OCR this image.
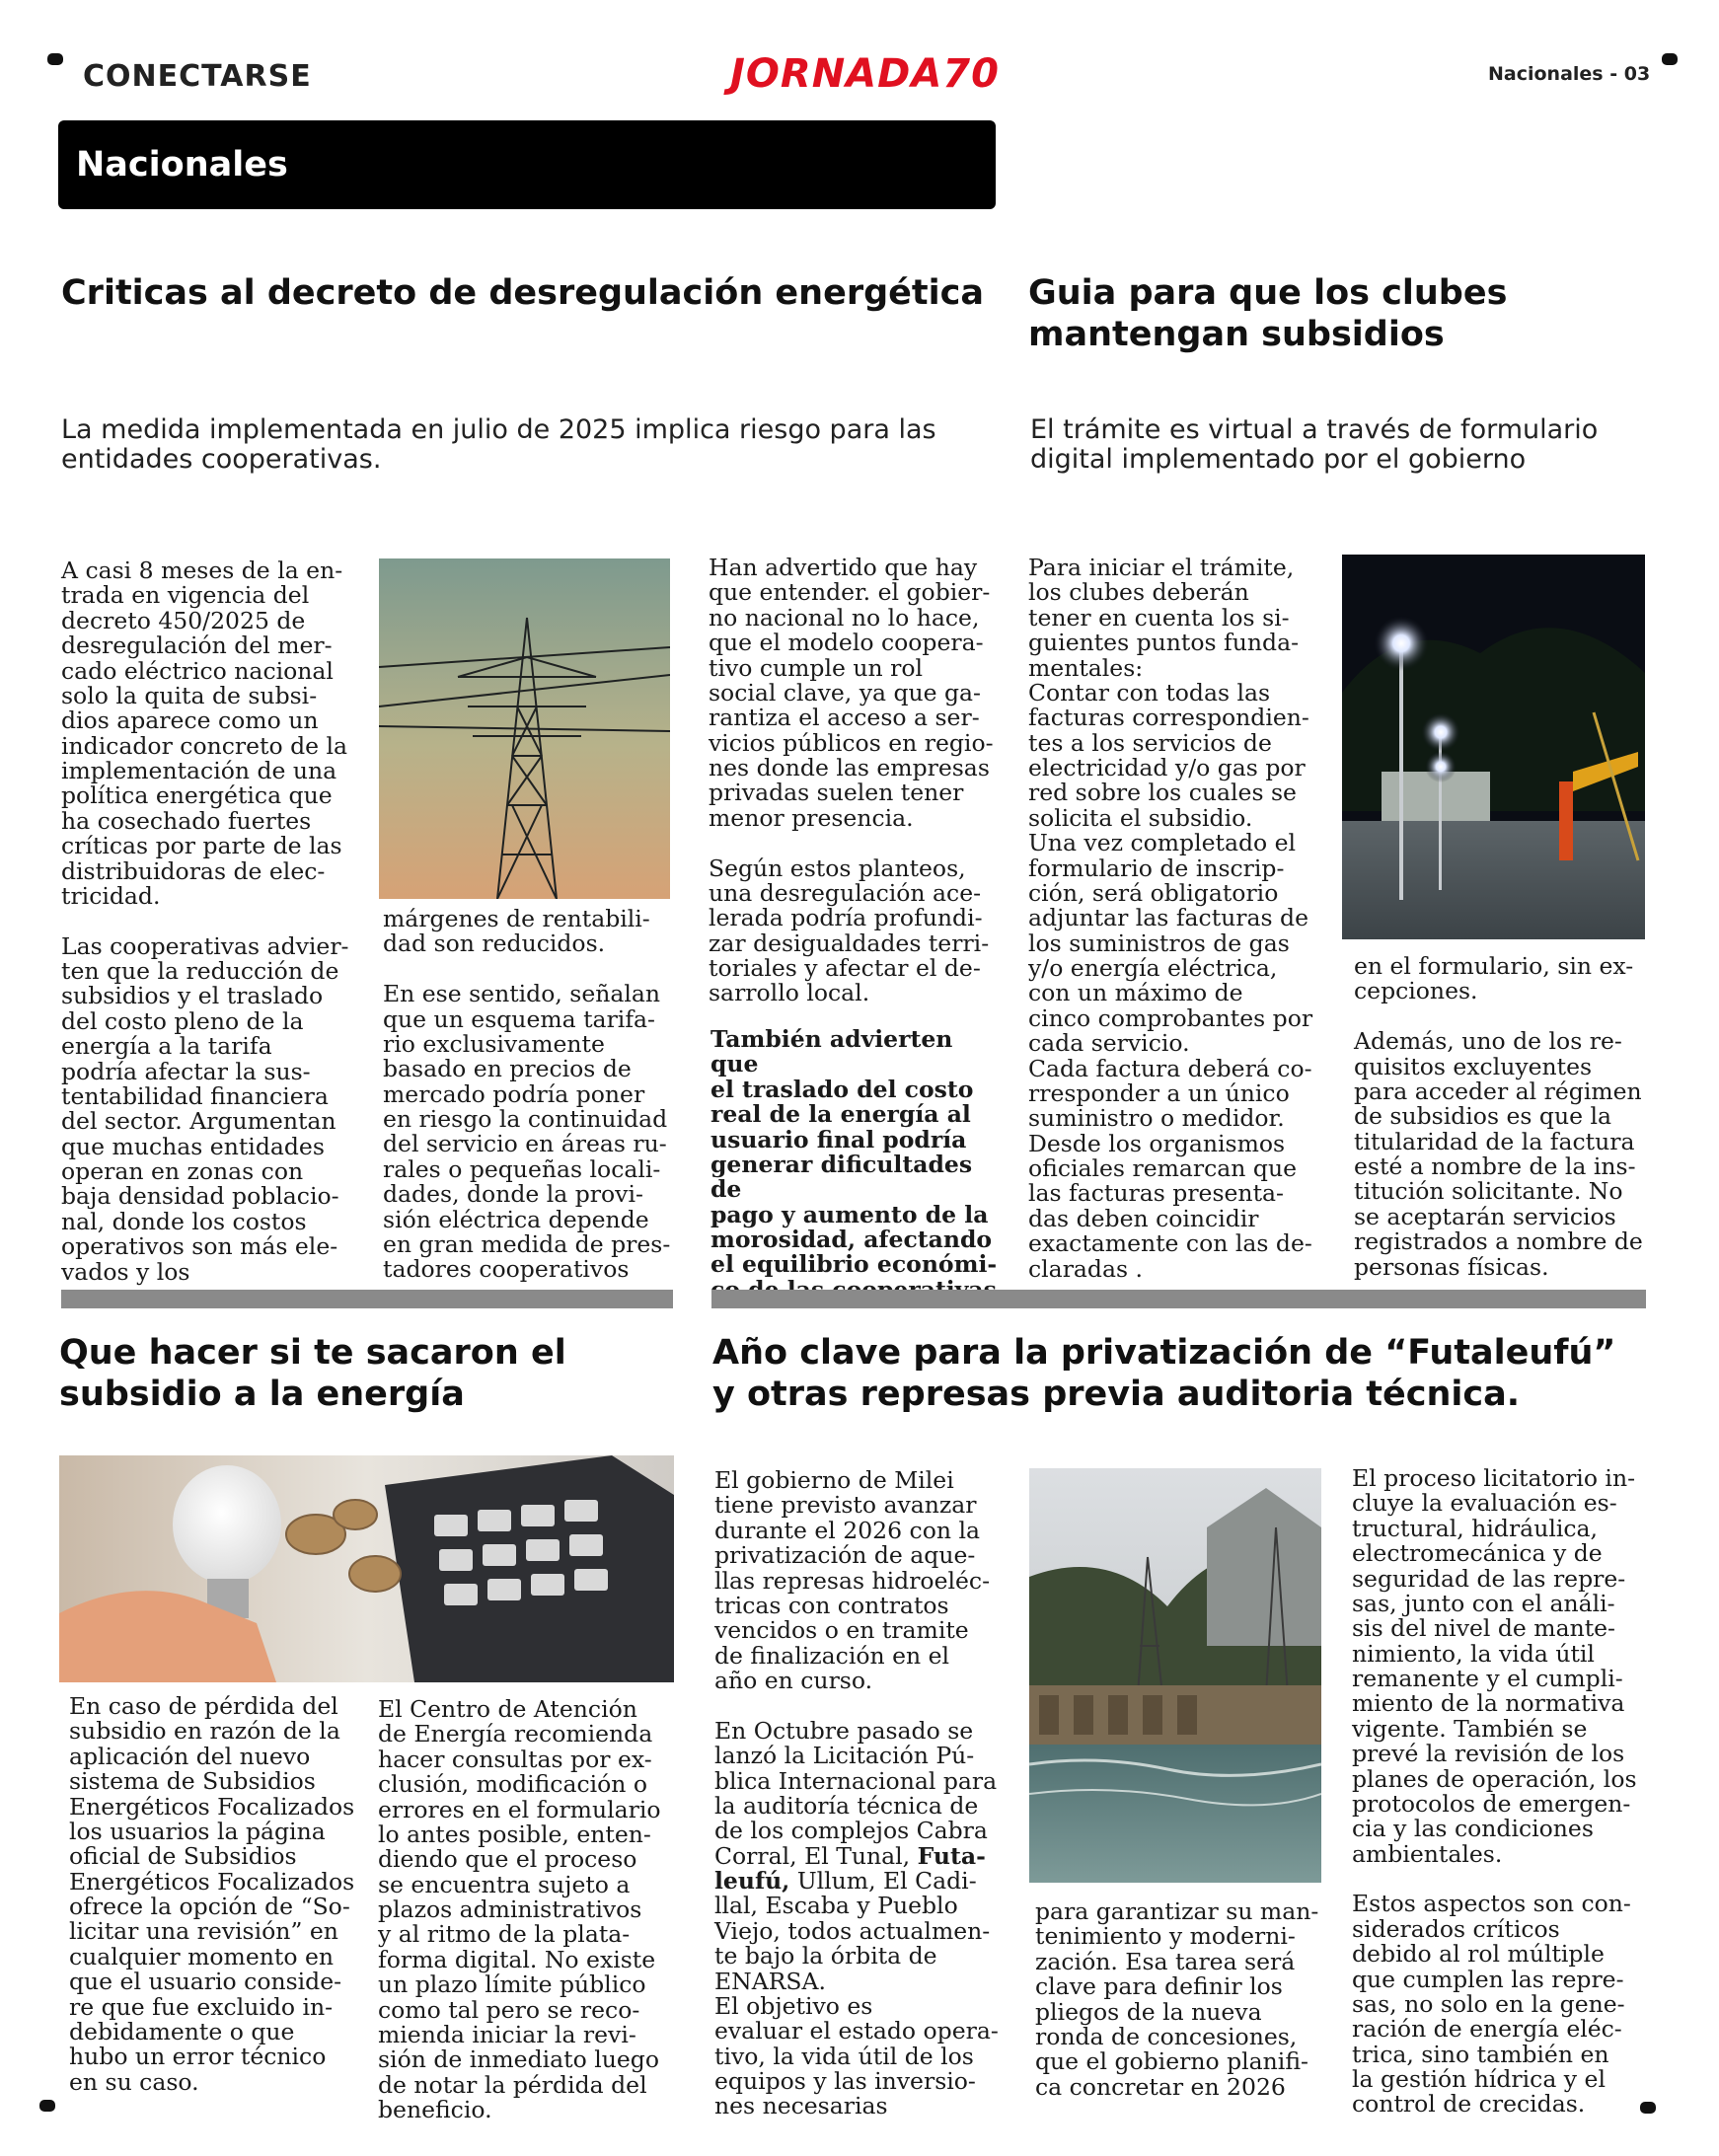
CONECTARSE	JORNADA70	Nacionales - 03
Nacionales
Criticas al decreto de desregulación energética
La medida implementada en julio de 2025 implica riesgo para las entidades cooperativas.
A casi 8 meses de la en-
trada en vigencia del
decreto 450/2025 de
desregulación del mer-
cado eléctrico nacional
solo la quita de subsi-
dios aparece como un
indicador concreto de la
implementación de una
política energética que
ha cosechado fuertes
críticas por parte de las
distribuidoras de elec-
tricidad.

Las cooperativas advier-
ten que la reducción de
subsidios y el traslado
del costo pleno de la
energía a la tarifa
podría afectar la sus-
tentabilidad financiera
del sector. Argumentan
que muchas entidades
operan en zonas con
baja densidad poblacio-
nal, donde los costos
operativos son más ele-
vados y los
márgenes de rentabili-
dad son reducidos.

En ese sentido, señalan
que un esquema tarifa-
rio exclusivamente
basado en precios de
mercado podría poner
en riesgo la continuidad
del servicio en áreas ru-
rales o pequeñas locali-
dades, donde la provi-
sión eléctrica depende
en gran medida de pres-
tadores cooperativos
Han advertido que hay
que entender. el gobier-
no nacional no lo hace,
que el modelo coopera-
tivo cumple un rol
social clave, ya que ga-
rantiza el acceso a ser-
vicios públicos en regio-
nes donde las empresas
privadas suelen tener
menor presencia.

Según estos planteos,
una desregulación ace-
lerada podría profundi-
zar desigualdades terri-
toriales y afectar el de-
sarrollo local.
También advierten que
el traslado del costo
real de la energía al
usuario final podría
generar dificultades de
pago y aumento de la
morosidad, afectando
el equilibrio económi-

Guia para que los clubes mantengan subsidios
El trámite es virtual a través de formulario digital implementado por el gobierno
Para iniciar el trámite,
los clubes deberán
tener en cuenta los si-
guientes puntos funda-
mentales:
Contar con todas las
facturas correspondien-
tes a los servicios de
electricidad y/o gas por
red sobre los cuales se
solicita el subsidio.
Una vez completado el
formulario de inscrip-
ción, será obligatorio
adjuntar las facturas de
los suministros de gas
y/o energía eléctrica,
con un máximo de
cinco comprobantes por
cada servicio.
Cada factura deberá co-
rresponder a un único
suministro o medidor.
Desde los organismos
oficiales remarcan que
las facturas presenta-
das deben coincidir
exactamente con las de-
claradas .
en el formulario, sin ex-
cepciones.

Además, uno de los re-
quisitos excluyentes
para acceder al régimen
de subsidios es que la
titularidad de la factura
esté a nombre de la ins-
titución solicitante. No
se aceptarán servicios
registrados a nombre de
personas físicas.
Que hacer si te sacaron el subsidio a la energía
En caso de pérdida del
subsidio en razón de la
aplicación del nuevo
sistema de Subsidios
Energéticos Focalizados
los usuarios la página
oficial de Subsidios
Energéticos Focalizados
ofrece la opción de “So-
licitar una revisión” en
cualquier momento en
que el usuario conside-
re que fue excluido in-
debidamente o que
hubo un error técnico
en su caso.
El Centro de Atención
de Energía recomienda
hacer consultas por ex-
clusión, modificación o
errores en el formulario
lo antes posible, enten-
diendo que el proceso
se encuentra sujeto a
plazos administrativos
y al ritmo de la plata-
forma digital. No existe
un plazo límite público
como tal pero se reco-
mienda iniciar la revi-
sión de inmediato luego
de notar la pérdida del
beneficio.
Año clave para la privatización de “Futaleufú” y otras represas previa auditoria técnica.
El gobierno de Milei
tiene previsto avanzar
durante el 2026 con la
privatización de aque-
llas represas hidroeléc-
tricas con contratos
vencidos o en tramite
de finalización en el
año en curso.

En Octubre pasado se
lanzó la Licitación Pú-
blica Internacional para
la auditoría técnica de
de los complejos Cabra
Corral, El Tunal, Futa-
leufú, Ullum, El Cadi-
llal, Escaba y Pueblo
Viejo, todos actualmen-
te bajo la órbita de
ENARSA.
El objetivo es
evaluar el estado opera-
tivo, la vida útil de los
equipos y las inversio-
nes necesarias
para garantizar su man-
tenimiento y moderni-
zación. Esa tarea será
clave para definir los
pliegos de la nueva
ronda de concesiones,
que el gobierno planifi-
ca concretar en 2026
El proceso licitatorio in-
cluye la evaluación es-
tructural, hidráulica,
electromecánica y de
seguridad de las repre-
sas, junto con el análi-
sis del nivel de mante-
nimiento, la vida útil
remanente y el cumpli-
miento de la normativa
vigente. También se
prevé la revisión de los
planes de operación, los
protocolos de emergen-
cia y las condiciones
ambientales.

Estos aspectos son con-
siderados críticos
debido al rol múltiple
que cumplen las repre-
sas, no solo en la gene-
ración de energía eléc-
trica, sino también en
la gestión hídrica y el
control de crecidas.
